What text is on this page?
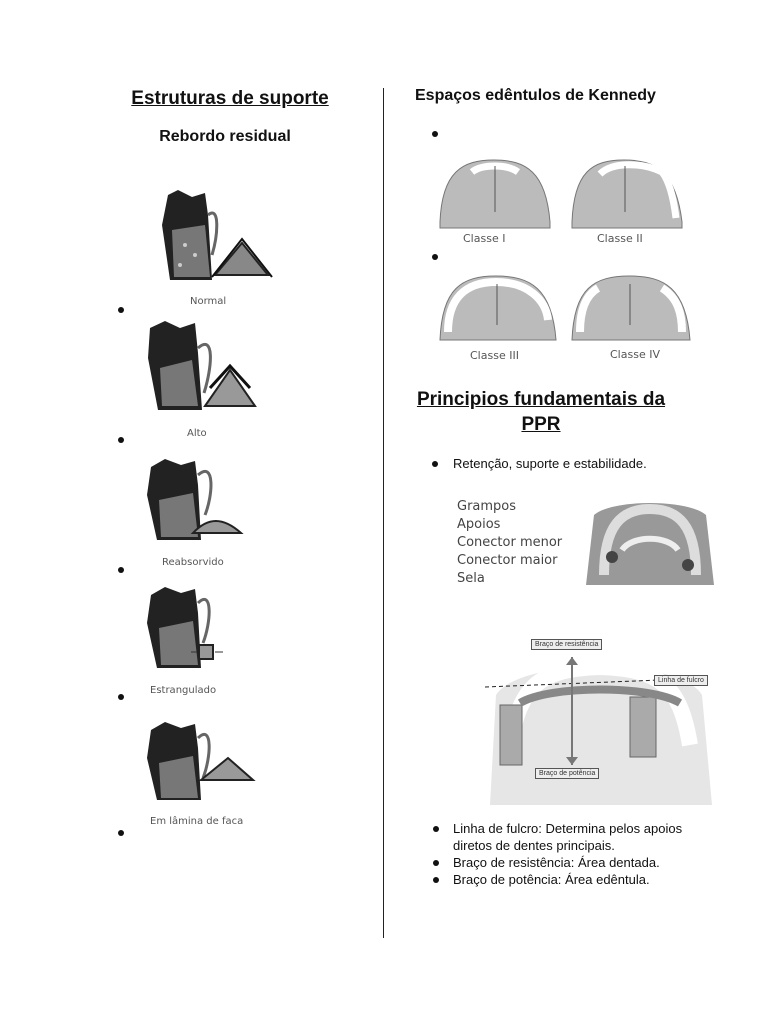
Estruturas de suporte
Rebordo residual
Normal
Alto
Reabsorvido
Estrangulado
Em lâmina de faca
Espaços edêntulos de Kennedy
Classe I	Classe II
Classe III	Classe IV
Principios fundamentais da
PPR
Retenção, suporte e estabilidade.
Grampos
Apoios
Conector menor
Conector maior
Sela
Braço de resistência
Linha de fulcro
Braço de potência
Linha de fulcro: Determina pelos apoios diretos de dentes principais.
Braço de resistência: Área dentada.
Braço de potência: Área edêntula.
